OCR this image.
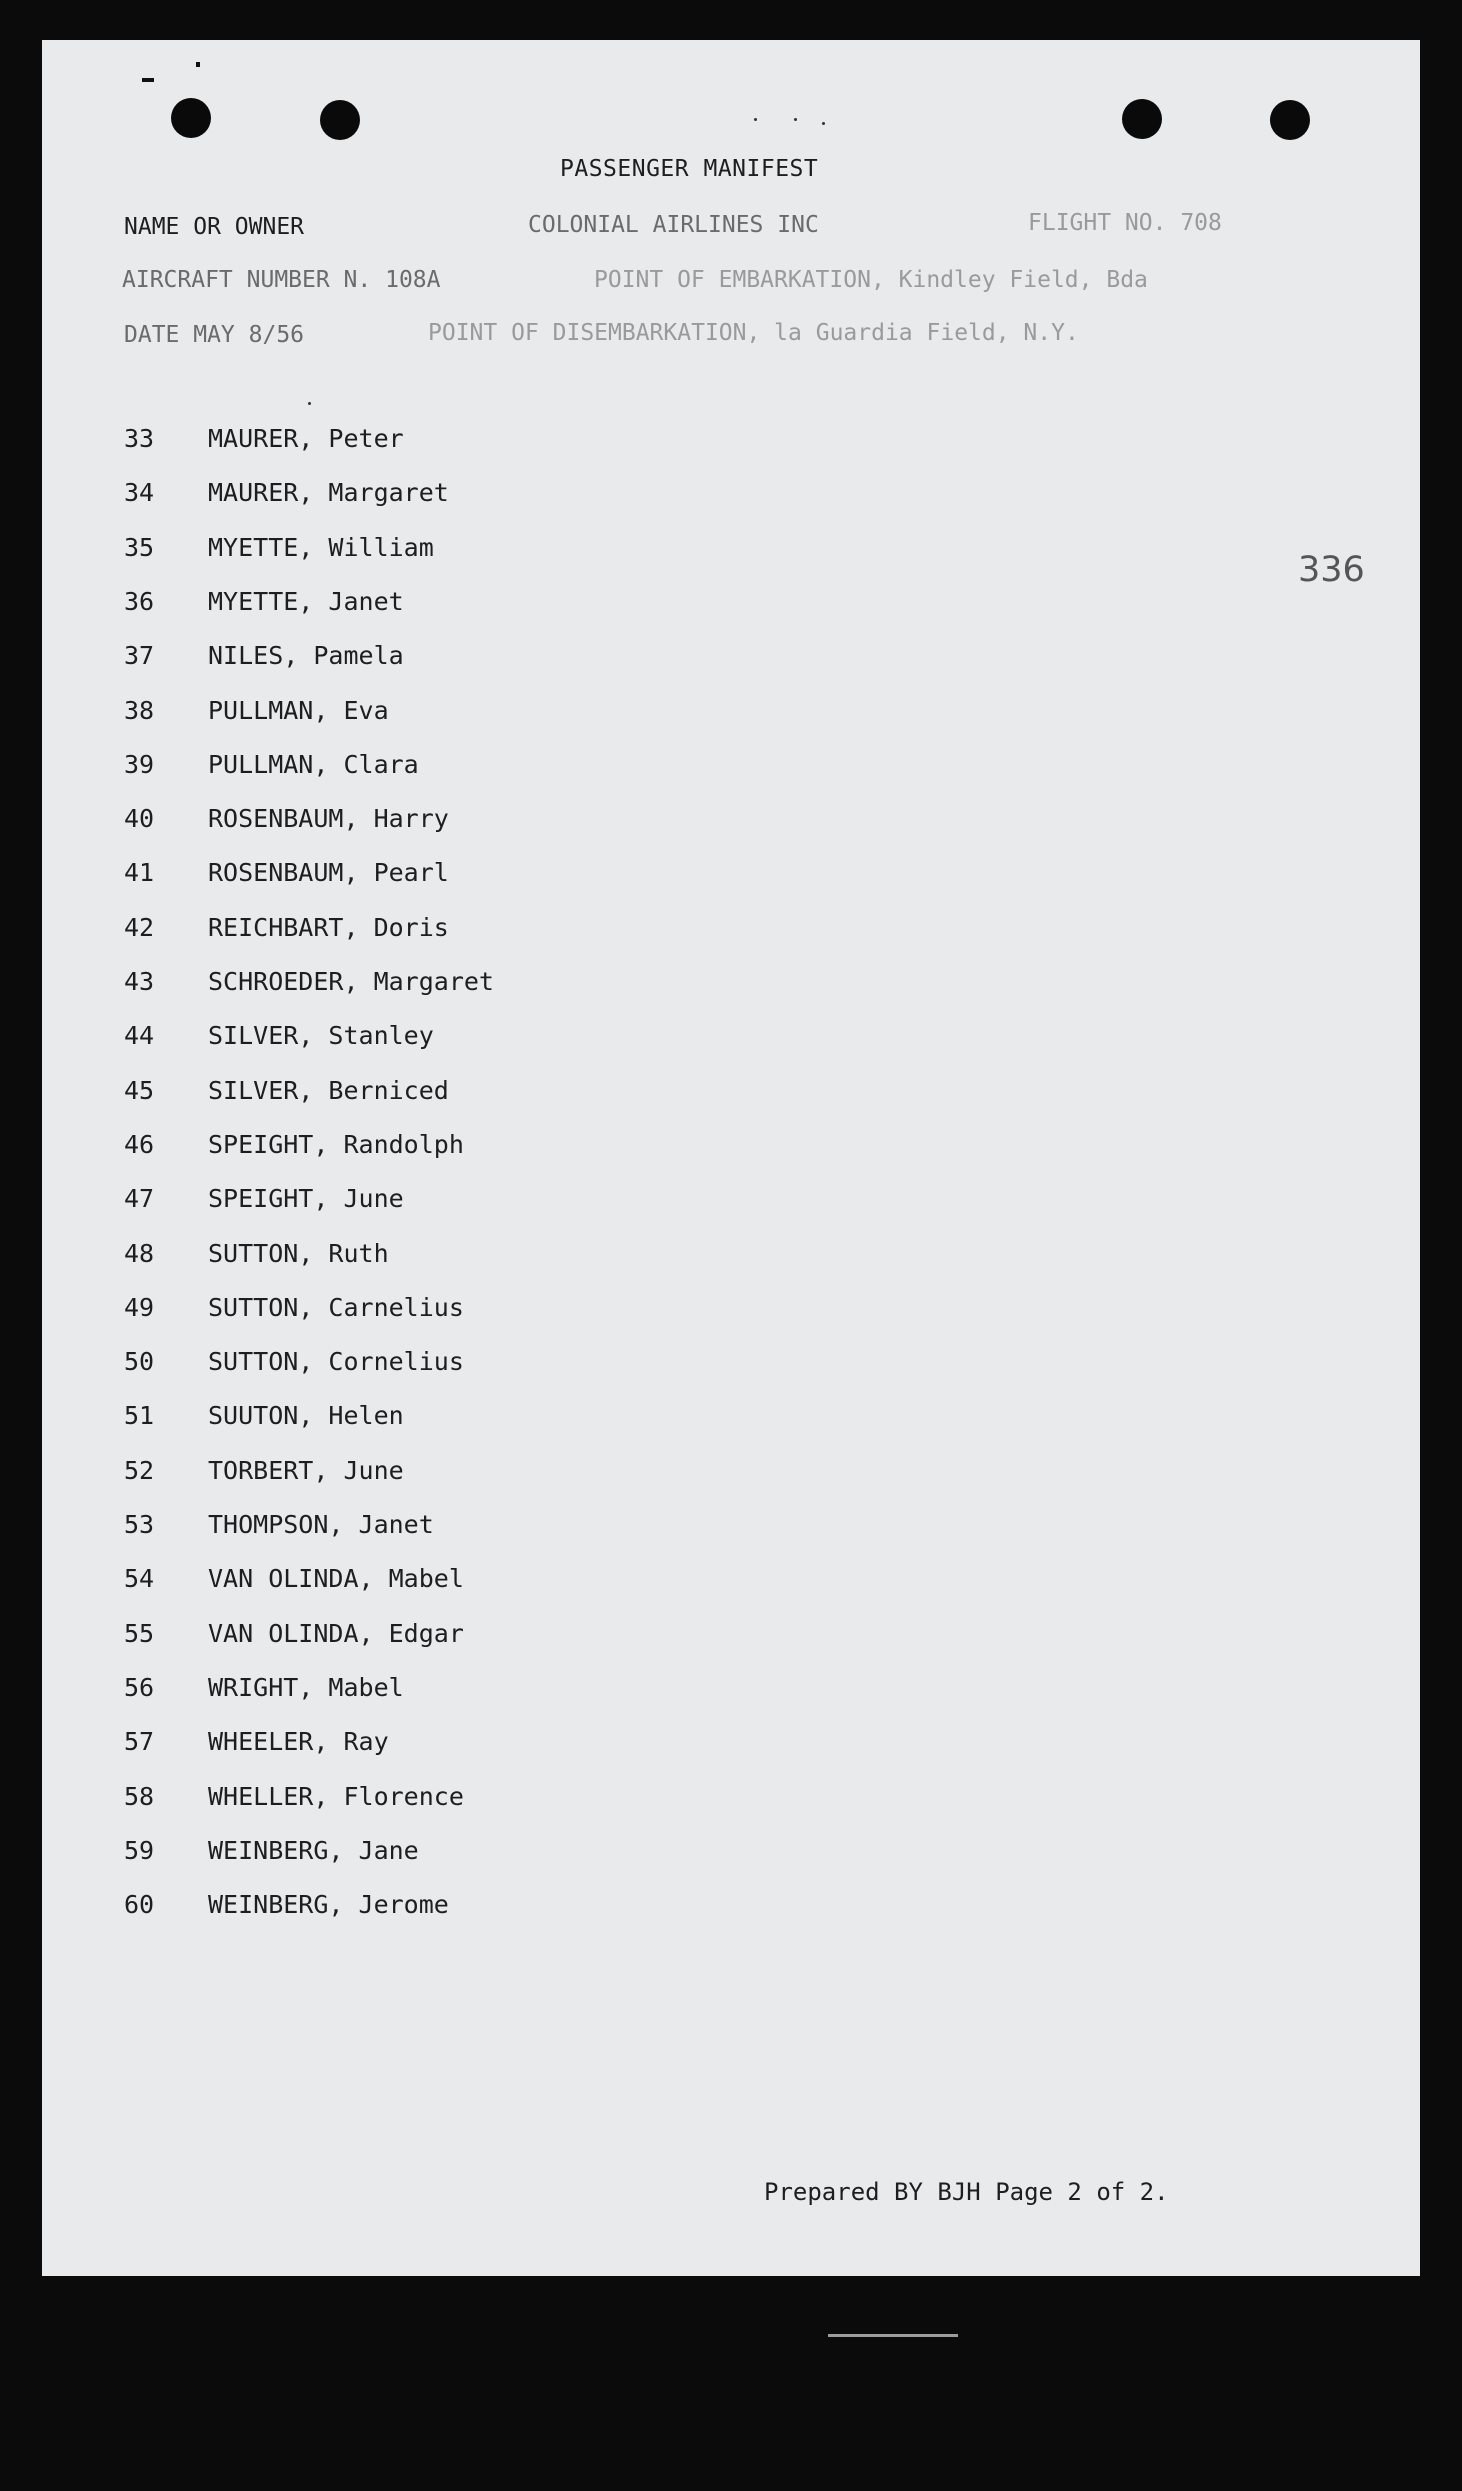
PASSENGER MANIFEST
NAME OR OWNER	COLONIAL AIRLINES INC	FLIGHT NO. 708
AIRCRAFT NUMBER N. 108A	POINT OF EMBARKATION, Kindley Field, Bda
DATE MAY 8/56	POINT OF DISEMBARKATION, la Guardia Field, N.Y.
336
33	MAURER, Peter
34	MAURER, Margaret
35	MYETTE, William
36	MYETTE, Janet
37	NILES, Pamela
38	PULLMAN, Eva
39	PULLMAN, Clara
40	ROSENBAUM, Harry
41	ROSENBAUM, Pearl
42	REICHBART, Doris
43	SCHROEDER, Margaret
44	SILVER, Stanley
45	SILVER, Berniced
46	SPEIGHT, Randolph
47	SPEIGHT, June
48	SUTTON, Ruth
49	SUTTON, Carnelius
50	SUTTON, Cornelius
51	SUUTON, Helen
52	TORBERT, June
53	THOMPSON, Janet
54	VAN OLINDA, Mabel
55	VAN OLINDA, Edgar
56	WRIGHT, Mabel
57	WHEELER, Ray
58	WHELLER, Florence
59	WEINBERG, Jane
60	WEINBERG, Jerome
Prepared BY BJH Page 2 of 2.
